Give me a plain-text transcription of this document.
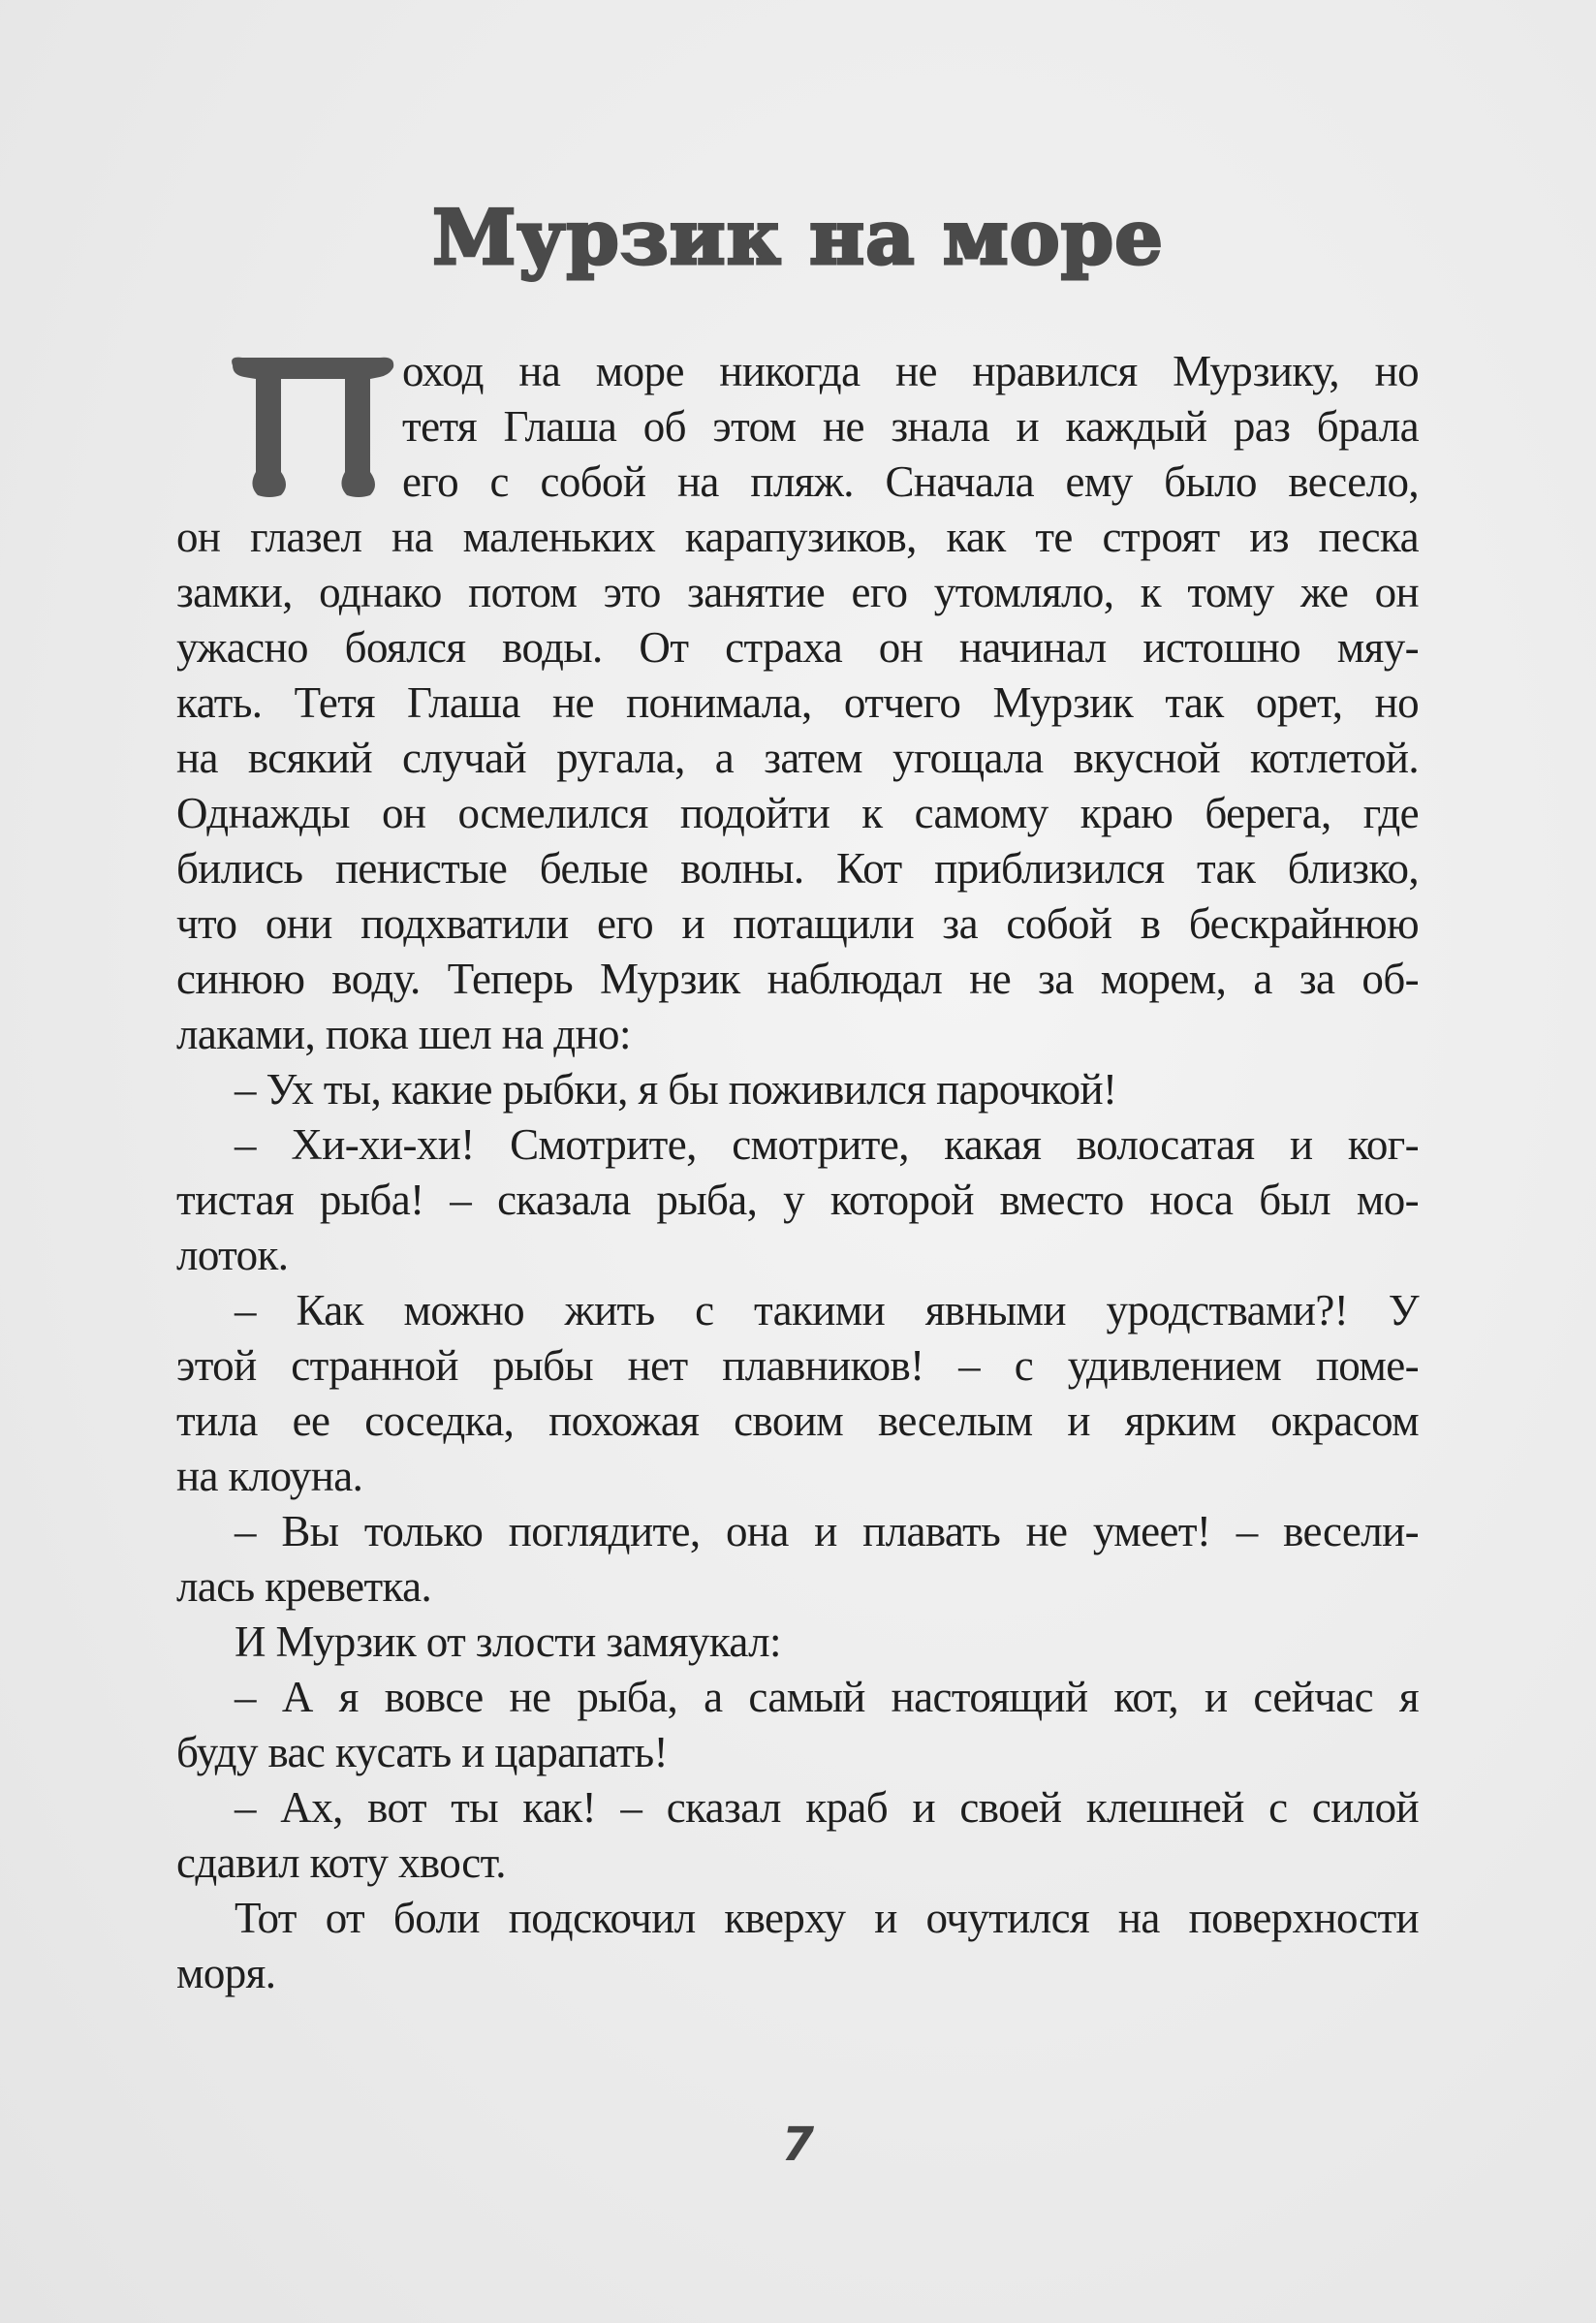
Мурзик на море
оход на море никогда не нравился Мурзику, но
тетя Глаша об этом не знала и каждый раз брала
его с собой на пляж. Сначала ему было весело,
он глазел на маленьких карапузиков, как те строят из песка
замки, однако потом это занятие его утомляло, к тому же он
ужасно боялся воды. От страха он начинал истошно мяу-
кать. Тетя Глаша не понимала, отчего Мурзик так орет, но
на всякий случай ругала, а затем угощала вкусной котлетой.
Однажды он осмелился подойти к самому краю берега, где
бились пенистые белые волны. Кот приблизился так близко,
что они подхватили его и потащили за собой в бескрайнюю
синюю воду. Теперь Мурзик наблюдал не за морем, а за об-
лаками, пока шел на дно:
– Ух ты, какие рыбки, я бы поживился парочкой!
– Хи-хи-хи! Смотрите, смотрите, какая волосатая и ког-
тистая рыба! – сказала рыба, у которой вместо носа был мо-
лоток.
– Как можно жить с такими явными уродствами?! У
этой странной рыбы нет плавников! – с удивлением поме-
тила ее соседка, похожая своим веселым и ярким окрасом
на клоуна.
– Вы только поглядите, она и плавать не умеет! – весели-
лась креветка.
И Мурзик от злости замяукал:
– А я вовсе не рыба, а самый настоящий кот, и сейчас я
буду вас кусать и царапать!
– Ах, вот ты как! – сказал краб и своей клешней с силой
сдавил коту хвост.
Тот от боли подскочил кверху и очутился на поверхности
моря.
7
